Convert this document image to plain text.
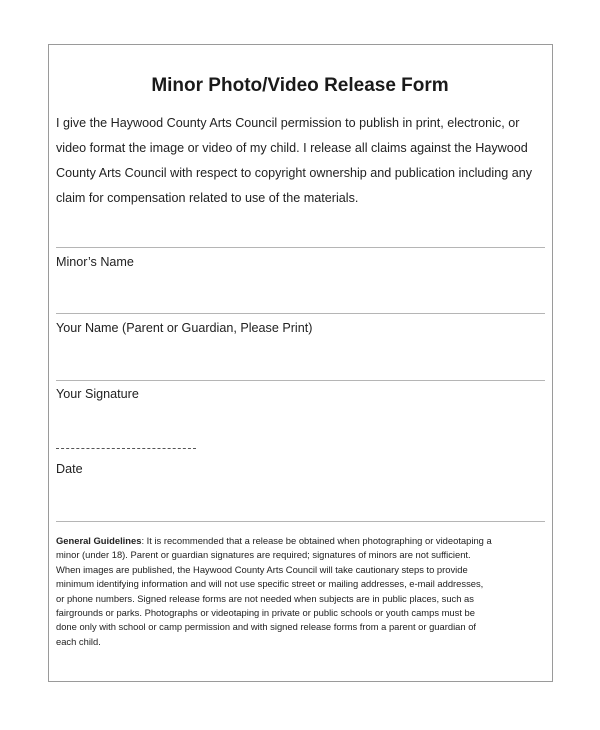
Minor Photo/Video Release Form

I give the Haywood County Arts Council permission to publish in print, electronic, or
video format the image or video of my child. I release all claims against the Haywood
County Arts Council with respect to copyright ownership and publication including any
claim for compensation related to use of the materials.

Minor’s Name
Your Name (Parent or Guardian, Please Print)
Your Signature
Date

General Guidelines: It is recommended that a release be obtained when photographing or videotaping a
minor (under 18). Parent or guardian signatures are required; signatures of minors are not sufficient.
When images are published, the Haywood County Arts Council will take cautionary steps to provide
minimum identifying information and will not use specific street or mailing addresses, e-mail addresses,
or phone numbers. Signed release forms are not needed when subjects are in public places, such as
fairgrounds or parks. Photographs or videotaping in private or public schools or youth camps must be
done only with school or camp permission and with signed release forms from a parent or guardian of
each child.
